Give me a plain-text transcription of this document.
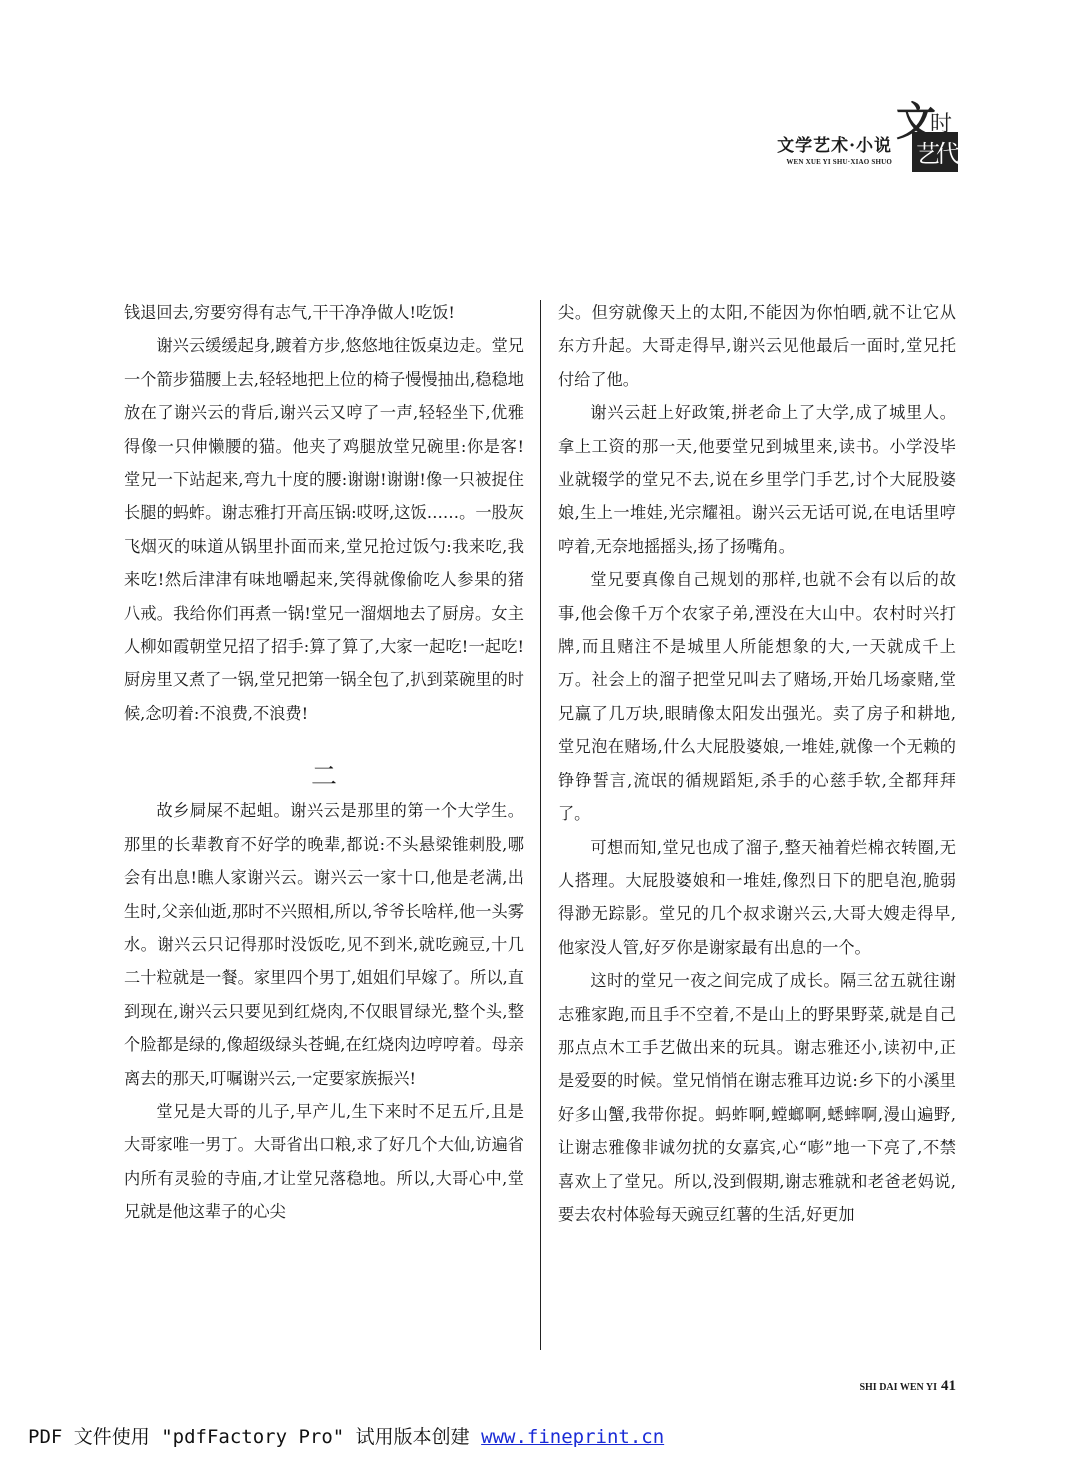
文学艺术·小说
WEN XUE YI SHU·XIAO SHUO
文
时
艺
代

钱退回去,穷要穷得有志气,干干净净做人!吃饭!

谢兴云缓缓起身,踱着方步,悠悠地往饭桌边走。堂兄一个箭步猫腰上去,轻轻地把上位的椅子慢慢抽出,稳稳地放在了谢兴云的背后,谢兴云又哼了一声,轻轻坐下,优雅得像一只伸懒腰的猫。他夹了鸡腿放堂兄碗里:你是客!堂兄一下站起来,弯九十度的腰:谢谢!谢谢!像一只被捉住长腿的蚂蚱。谢志雅打开高压锅:哎呀,这饭……。一股灰飞烟灭的味道从锅里扑面而来,堂兄抢过饭勺:我来吃,我来吃!然后津津有味地嚼起来,笑得就像偷吃人参果的猪八戒。我给你们再煮一锅!堂兄一溜烟地去了厨房。女主人柳如霞朝堂兄招了招手:算了算了,大家一起吃!一起吃!厨房里又煮了一锅,堂兄把第一锅全包了,扒到菜碗里的时候,念叨着:不浪费,不浪费!

二

故乡屙屎不起蛆。谢兴云是那里的第一个大学生。那里的长辈教育不好学的晚辈,都说:不头悬梁锥刺股,哪会有出息!瞧人家谢兴云。谢兴云一家十口,他是老满,出生时,父亲仙逝,那时不兴照相,所以,爷爷长啥样,他一头雾水。谢兴云只记得那时没饭吃,见不到米,就吃豌豆,十几二十粒就是一餐。家里四个男丁,姐姐们早嫁了。所以,直到现在,谢兴云只要见到红烧肉,不仅眼冒绿光,整个头,整个脸都是绿的,像超级绿头苍蝇,在红烧肉边哼哼着。母亲离去的那天,叮嘱谢兴云,一定要家族振兴!

堂兄是大哥的儿子,早产儿,生下来时不足五斤,且是大哥家唯一男丁。大哥省出口粮,求了好几个大仙,访遍省内所有灵验的寺庙,才让堂兄落稳地。所以,大哥心中,堂兄就是他这辈子的心尖

尖。但穷就像天上的太阳,不能因为你怕晒,就不让它从东方升起。大哥走得早,谢兴云见他最后一面时,堂兄托付给了他。

谢兴云赶上好政策,拼老命上了大学,成了城里人。拿上工资的那一天,他要堂兄到城里来,读书。小学没毕业就辍学的堂兄不去,说在乡里学门手艺,讨个大屁股婆娘,生上一堆娃,光宗耀祖。谢兴云无话可说,在电话里哼哼着,无奈地摇摇头,扬了扬嘴角。

堂兄要真像自己规划的那样,也就不会有以后的故事,他会像千万个农家子弟,湮没在大山中。农村时兴打牌,而且赌注不是城里人所能想象的大,一天就成千上万。社会上的溜子把堂兄叫去了赌场,开始几场豪赌,堂兄赢了几万块,眼睛像太阳发出强光。卖了房子和耕地,堂兄泡在赌场,什么大屁股婆娘,一堆娃,就像一个无赖的铮铮誓言,流氓的循规蹈矩,杀手的心慈手软,全都拜拜了。

可想而知,堂兄也成了溜子,整天袖着烂棉衣转圈,无人搭理。大屁股婆娘和一堆娃,像烈日下的肥皂泡,脆弱得渺无踪影。堂兄的几个叔求谢兴云,大哥大嫂走得早,他家没人管,好歹你是谢家最有出息的一个。

这时的堂兄一夜之间完成了成长。隔三岔五就往谢志雅家跑,而且手不空着,不是山上的野果野菜,就是自己那点点木工手艺做出来的玩具。谢志雅还小,读初中,正是爱耍的时候。堂兄悄悄在谢志雅耳边说:乡下的小溪里好多山蟹,我带你捉。蚂蚱啊,螳螂啊,蟋蟀啊,漫山遍野,让谢志雅像非诚勿扰的女嘉宾,心“嘭”地一下亮了,不禁喜欢上了堂兄。所以,没到假期,谢志雅就和老爸老妈说,要去农村体验每天豌豆红薯的生活,好更加

SHI DAI WEN YI 41
PDF 文件使用 "pdfFactory Pro" 试用版本创建 www.fineprint.cn
